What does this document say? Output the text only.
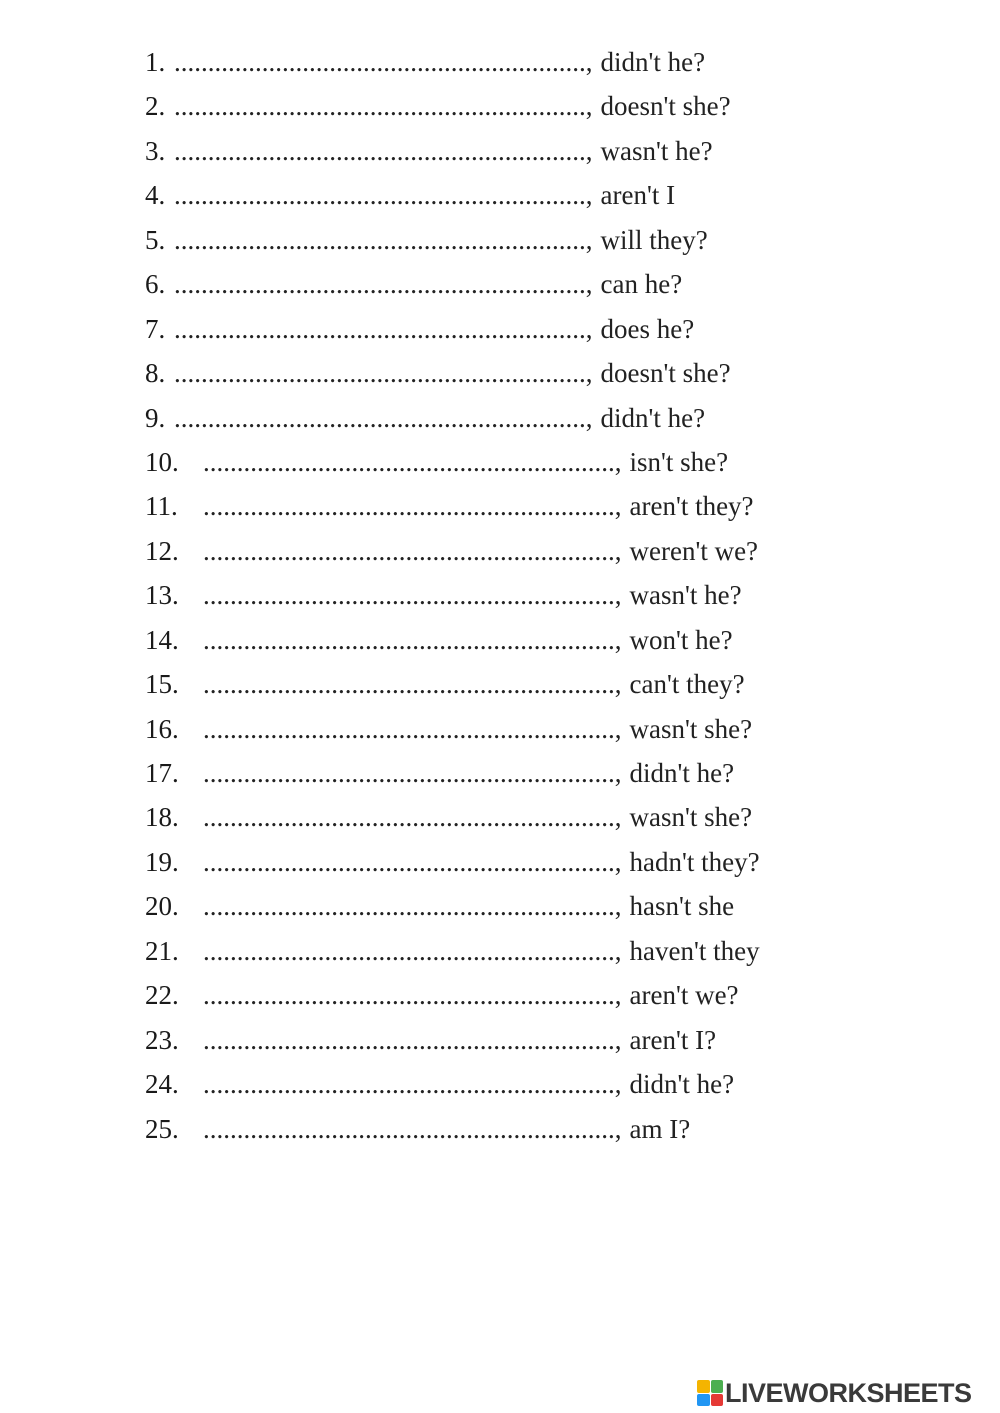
1. ............................................................., didn't he?
2. ............................................................., doesn't she?
3. ............................................................., wasn't he?
4. ............................................................., aren't I
5. ............................................................., will they?
6. ............................................................., can he?
7. ............................................................., does he?
8. ............................................................., doesn't she?
9. ............................................................., didn't he?
10. ............................................................., isn't she?
11. ............................................................., aren't they?
12. ............................................................., weren't we?
13. ............................................................., wasn't he?
14. ............................................................., won't he?
15. ............................................................., can't they?
16. ............................................................., wasn't she?
17. ............................................................., didn't he?
18. ............................................................., wasn't she?
19. ............................................................., hadn't they?
20. ............................................................., hasn't she
21. ............................................................., haven't they
22. ............................................................., aren't we?
23. ............................................................., aren't I?
24. ............................................................., didn't he?
25. ............................................................., am I?
LIVEWORKSHEETS
